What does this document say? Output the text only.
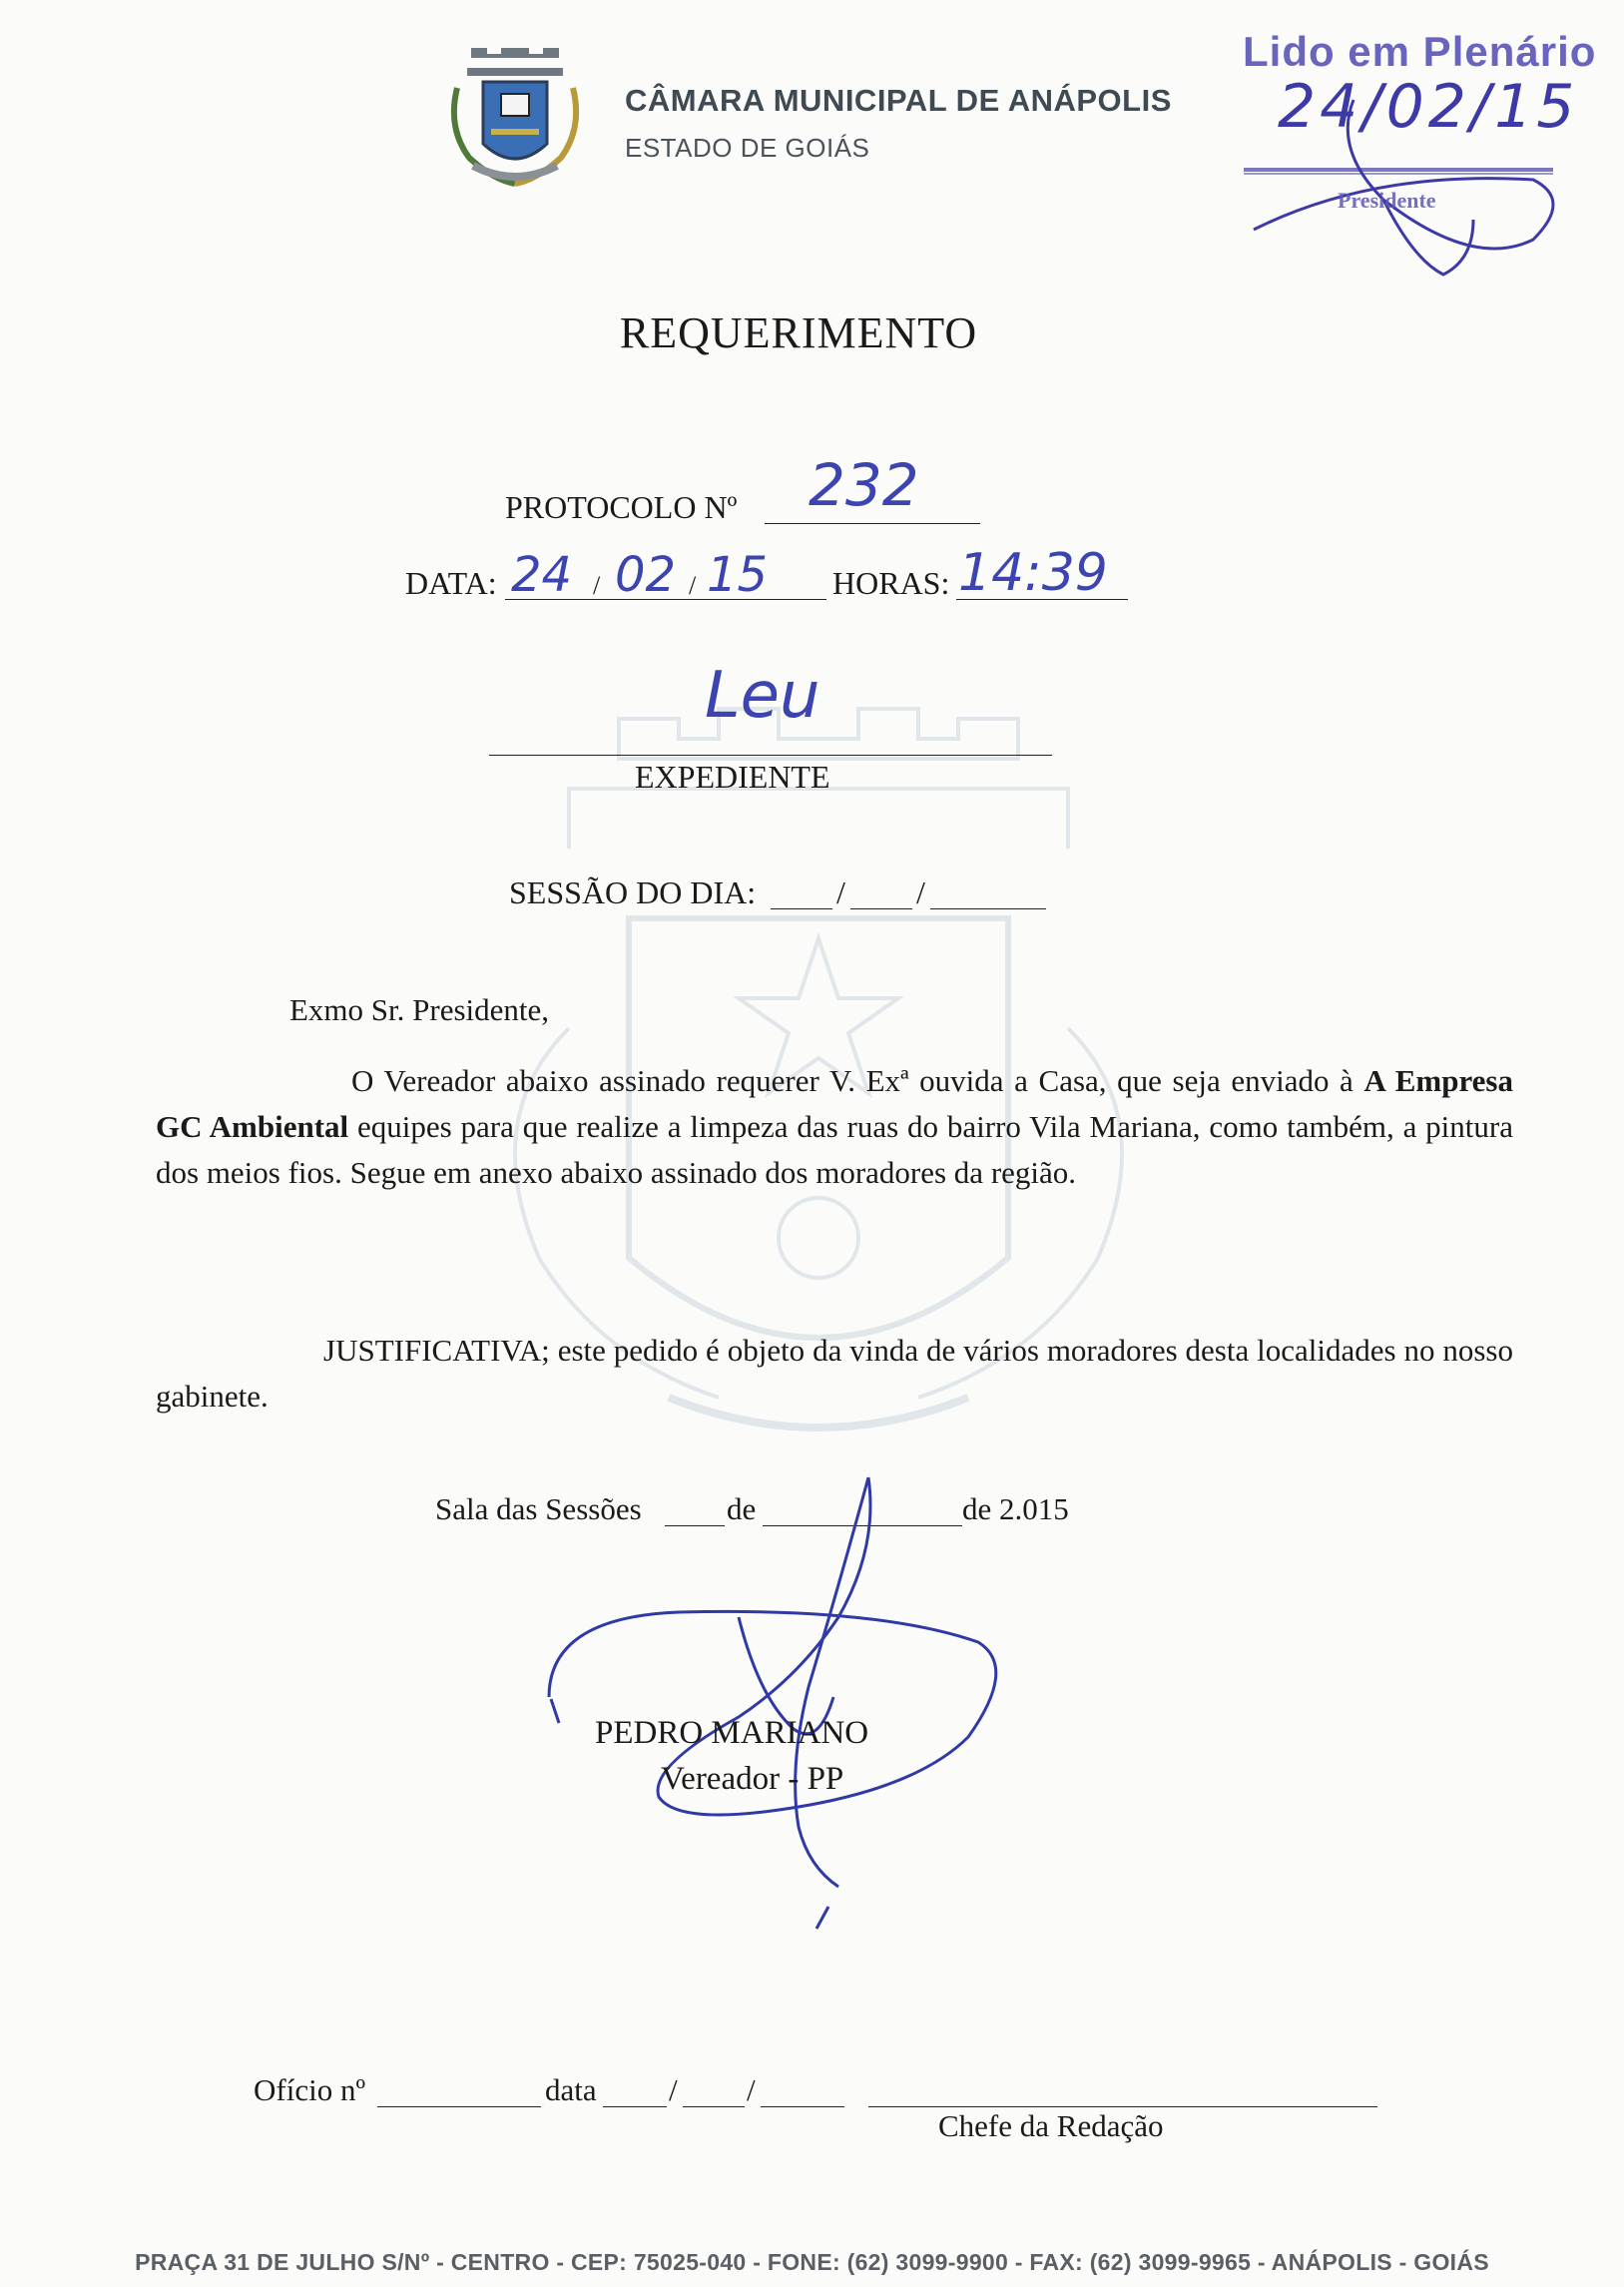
CÂMARA MUNICIPAL DE ANÁPOLIS
ESTADO DE GOIÁS
Lido em Plenário
24/02/15
Presidente
REQUERIMENTO
PROTOCOLO Nº 232
DATA: 24 / 02 / 15 HORAS: 14:39
Leu
EXPEDIENTE
SESSÃO DO DIA:	/ /
Exmo Sr. Presidente,
O Vereador abaixo assinado requerer V. Exª ouvida a Casa, que seja enviado à A Empresa GC Ambiental equipes para que realize a limpeza das ruas do bairro Vila Mariana, como também, a pintura dos meios fios. Segue em anexo abaixo assinado dos moradores da região.
JUSTIFICATIVA; este pedido é objeto da vinda de vários moradores desta localidades no nosso gabinete.
Sala das Sessões	de	de 2.015
PEDRO MARIANO
Vereador - PP
Ofício nº	data / /
Chefe da Redação
PRAÇA 31 DE JULHO S/Nº - CENTRO - CEP: 75025-040 - FONE: (62) 3099-9900 - FAX: (62) 3099-9965 - ANÁPOLIS - GOIÁS
